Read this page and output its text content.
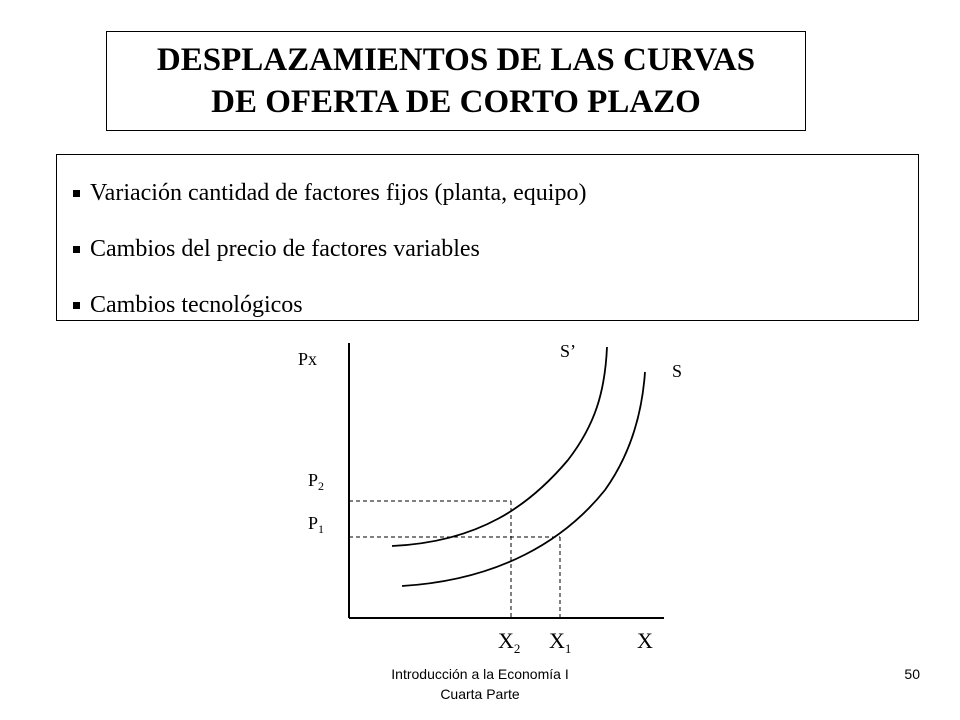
DESPLAZAMIENTOS DE LAS CURVAS
DE OFERTA DE CORTO PLAZO
Variación cantidad de factores fijos (planta, equipo)
Cambios del precio de factores variables
Cambios tecnológicos
Px	S’
S
$P_2$
$P_1$
$X_2$ $X_1$	X
Introducción a la Economía I
Cuarta Parte
50
